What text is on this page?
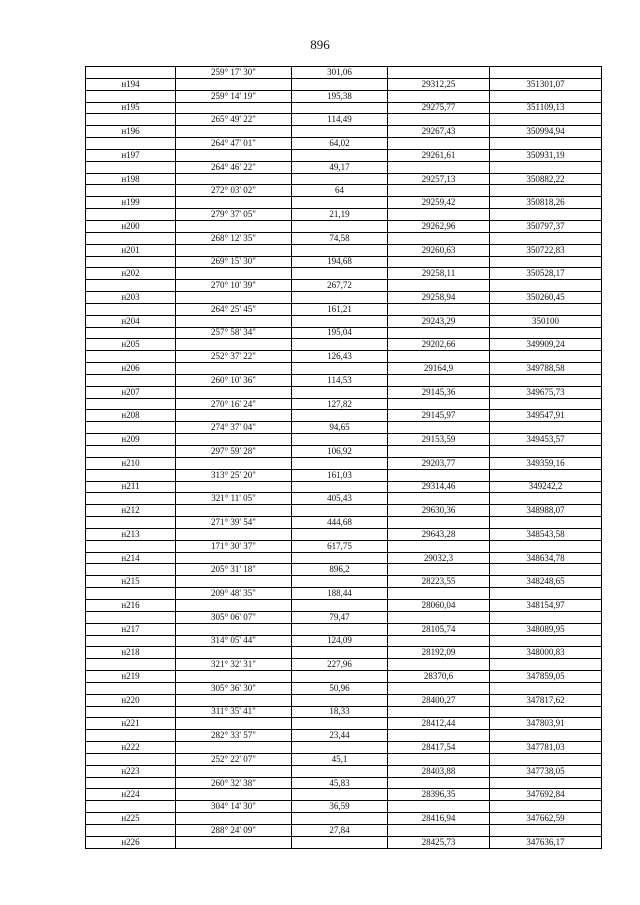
896
	259° 17' 30"	301,06		
н194			29312,25	351301,07
	259° 14' 19"	195,38		
н195			29275,77	351109,13
	265° 49' 22"	114,49		
н196			29267,43	350994,94
	264° 47' 01"	64,02		
н197			29261,61	350931,19
	264° 46' 22"	49,17		
н198			29257,13	350882,22
	272° 03' 02"	64		
н199			29259,42	350818,26
	279° 37' 05"	21,19		
н200			29262,96	350797,37
	268° 12' 35"	74,58		
н201			29260,63	350722,83
	269° 15' 30"	194,68		
н202			29258,11	350528,17
	270° 10' 39"	267,72		
н203			29258,94	350260,45
	264° 25' 45"	161,21		
н204			29243,29	350100
	257° 58' 34"	195,04		
н205			29202,66	349909,24
	252° 37' 22"	126,43		
н206			29164,9	349788,58
	260° 10' 36"	114,53		
н207			29145,36	349675,73
	270° 16' 24"	127,82		
н208			29145,97	349547,91
	274° 37' 04"	94,65		
н209			29153,59	349453,57
	297° 59' 28"	106,92		
н210			29203,77	349359,16
	313° 25' 20"	161,03		
н211			29314,46	349242,2
	321° 11' 05"	405,43		
н212			29630,36	348988,07
	271° 39' 54"	444,68		
н213			29643,28	348543,58
	171° 30' 37"	617,75		
н214			29032,3	348634,78
	205° 31' 18"	896,2		
н215			28223,55	348248,65
	209° 48' 35"	188,44		
н216			28060,04	348154,97
	305° 06' 07"	79,47		
н217			28105,74	348089,95
	314° 05' 44"	124,09		
н218			28192,09	348000,83
	321° 32' 31"	227,96		
н219			28370,6	347859,05
	305° 36' 30"	50,96		
н220			28400,27	347817,62
	311° 35' 41"	18,33		
н221			28412,44	347803,91
	282° 33' 57"	23,44		
н222			28417,54	347781,03
	252° 22' 07"	45,1		
н223			28403,88	347738,05
	260° 32' 38"	45,83		
н224			28396,35	347692,84
	304° 14' 30"	36,59		
н225			28416,94	347662,59
	288° 24' 09"	27,84		
н226			28425,73	347636,17
